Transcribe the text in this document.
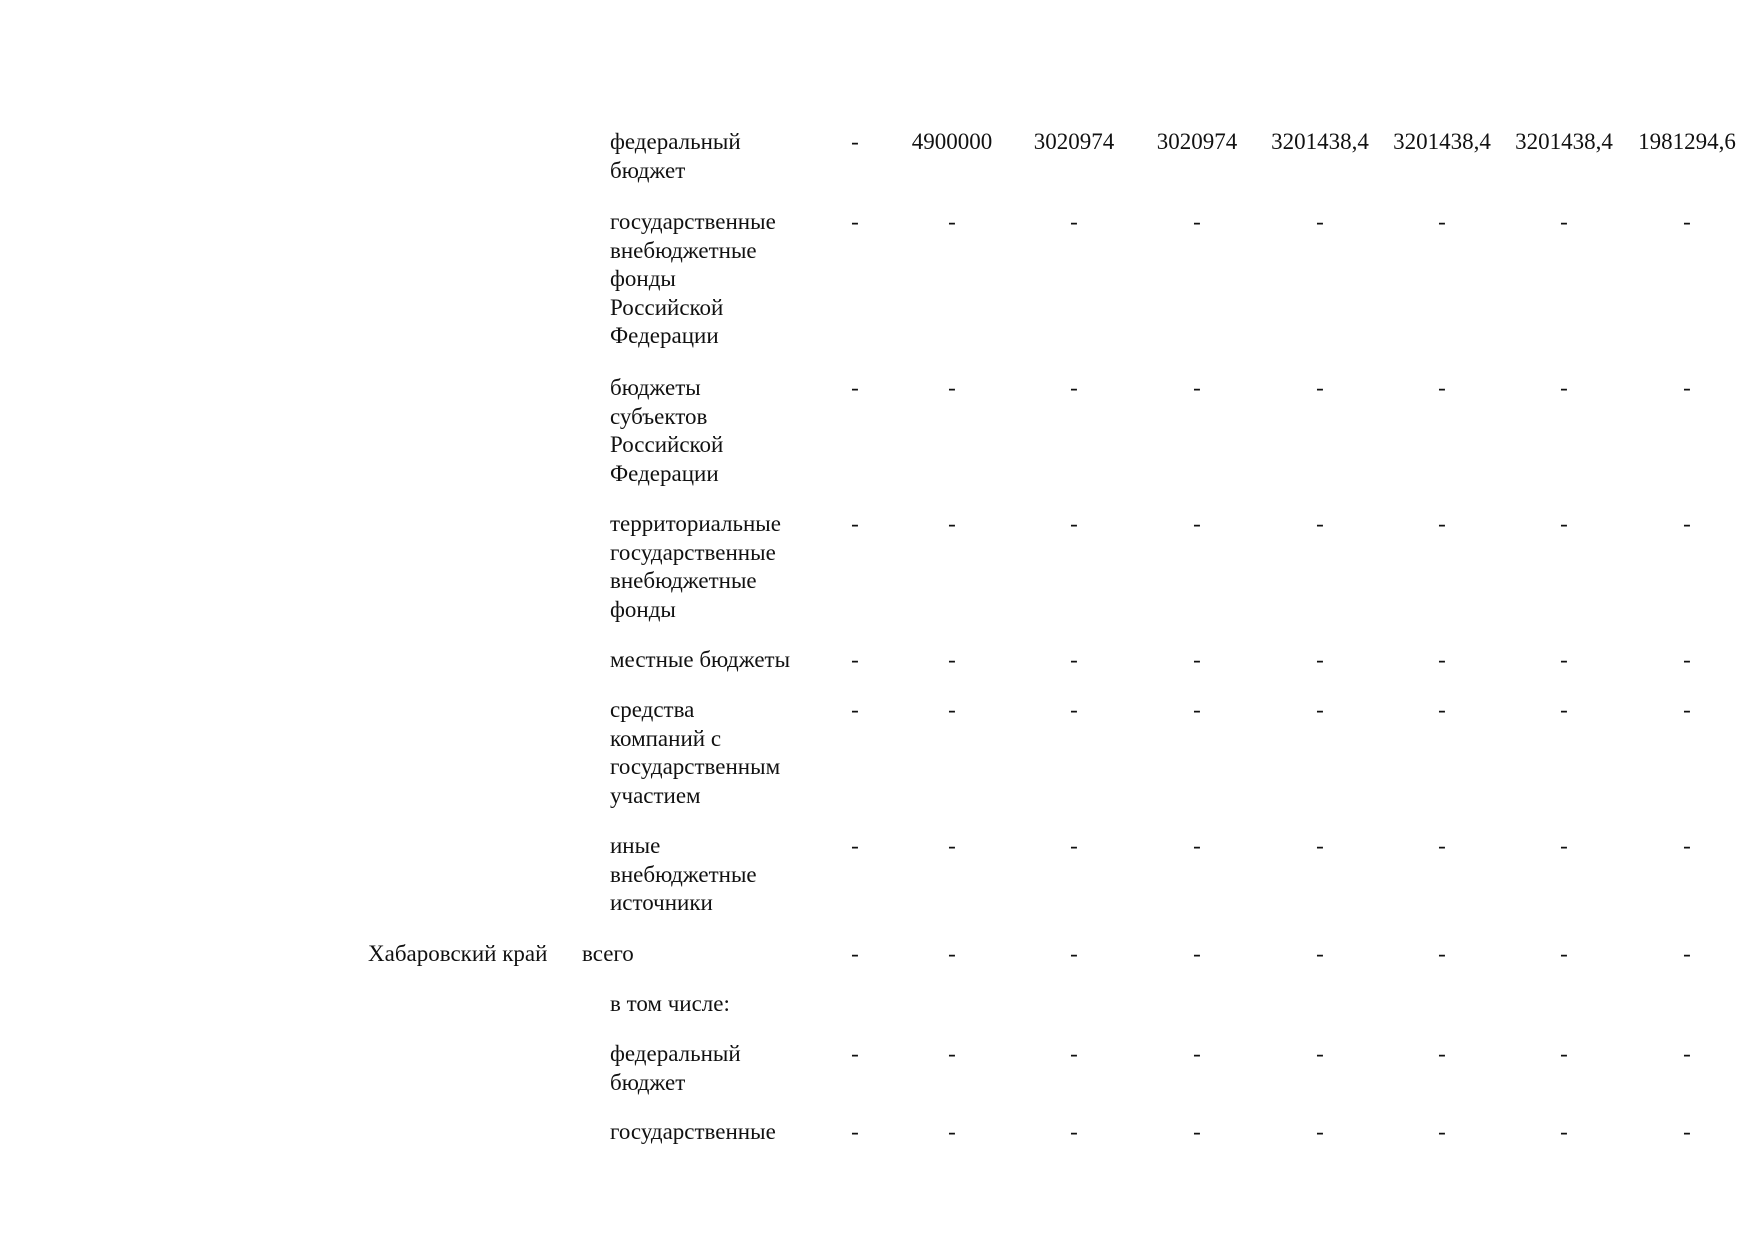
федеральный
бюджет
-	4900000	3020974	3020974	3201438,4	3201438,4	3201438,4	1981294,6
государственные
внебюджетные
фонды
Российской
Федерации
-	-	-	-	-	-	-	-
бюджеты
субъектов
Российской
Федерации
-	-	-	-	-	-	-	-
территориальные
государственные
внебюджетные
фонды
-	-	-	-	-	-	-	-
местные бюджеты	-	-	-	-	-	-	-	-
средства
компаний с
государственным
участием
-	-	-	-	-	-	-	-
иные
внебюджетные
источники
-	-	-	-	-	-	-	-
Хабаровский край всего	-	-	-	-	-	-	-	-
в том числе:
федеральный
бюджет
-	-	-	-	-	-	-	-
государственные	-	-	-	-	-	-	-	-
